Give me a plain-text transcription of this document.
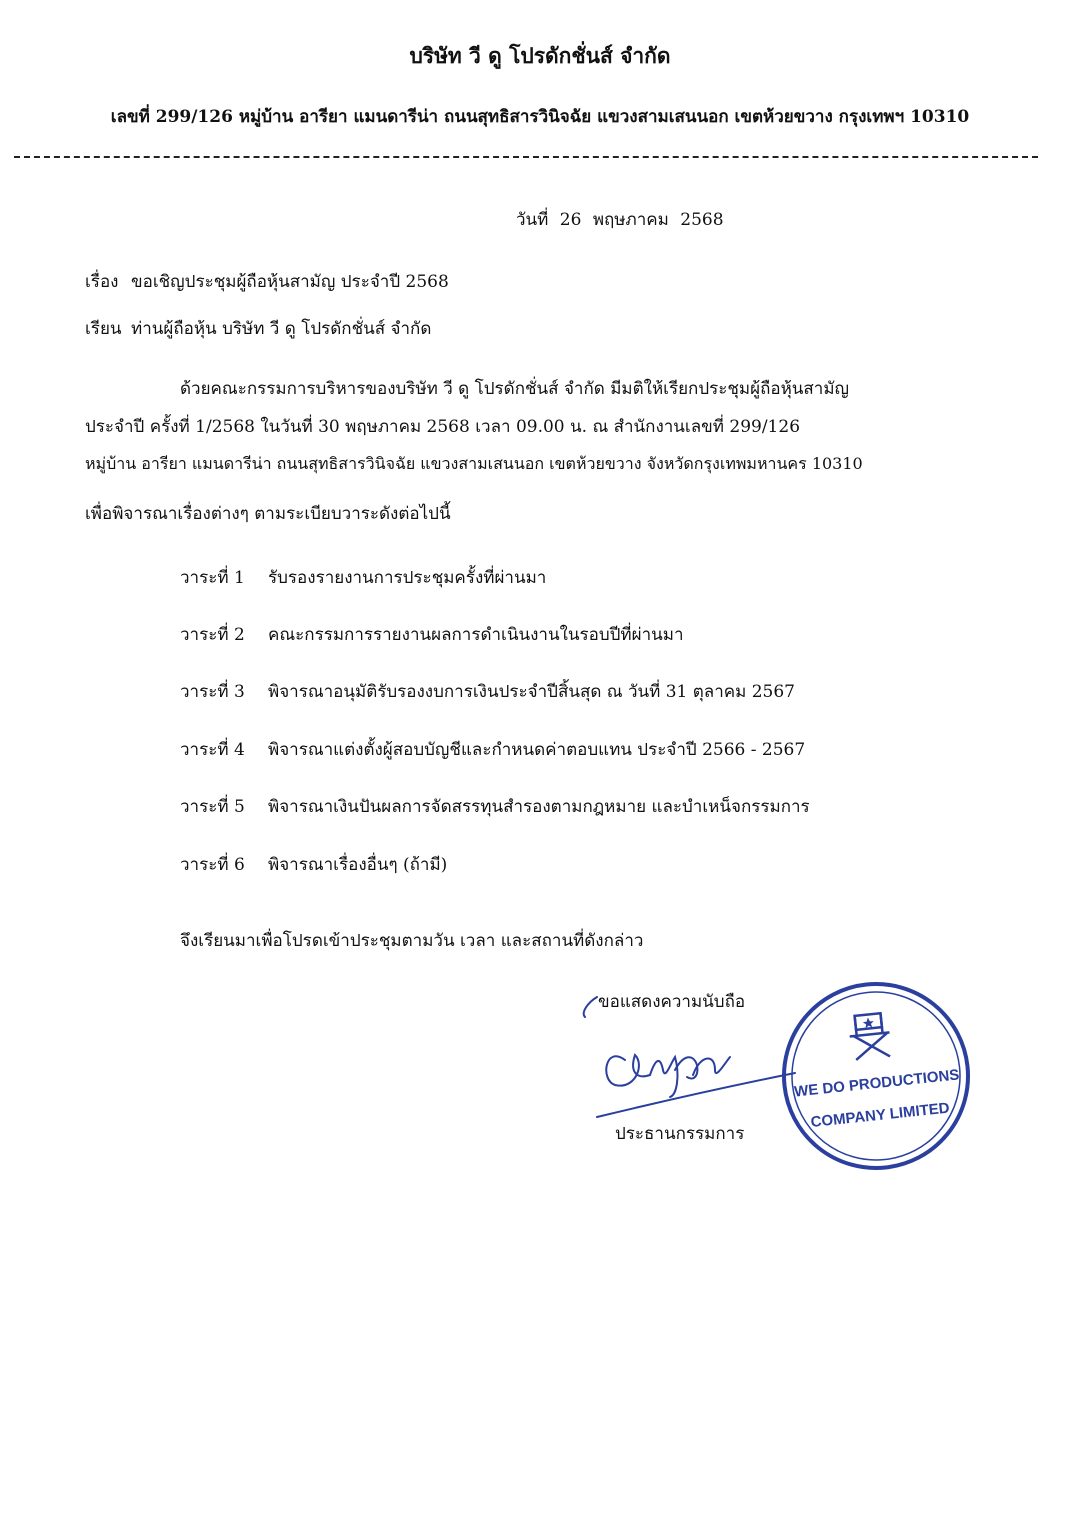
บริษัท วี ดู โปรดักชั่นส์ จำกัด
เลขที่ 299/126 หมู่บ้าน อารียา แมนดารีน่า ถนนสุทธิสารวินิจฉัย แขวงสามเสนนอก เขตห้วยขวาง กรุงเทพฯ 10310
วันที่ 26 พฤษภาคม 2568
เรื่อง ขอเชิญประชุมผู้ถือหุ้นสามัญ ประจำปี 2568
เรียน ท่านผู้ถือหุ้น บริษัท วี ดู โปรดักชั่นส์ จำกัด
ด้วยคณะกรรมการบริหารของบริษัท วี ดู โปรดักชั่นส์ จำกัด มีมติให้เรียกประชุมผู้ถือหุ้นสามัญ
ประจำปี ครั้งที่ 1/2568 ในวันที่ 30 พฤษภาคม 2568 เวลา 09.00 น. ณ สำนักงานเลขที่ 299/126
หมู่บ้าน อารียา แมนดารีน่า ถนนสุทธิสารวินิจฉัย แขวงสามเสนนอก เขตห้วยขวาง จังหวัดกรุงเทพมหานคร 10310
เพื่อพิจารณาเรื่องต่างๆ ตามระเบียบวาระดังต่อไปนี้
วาระที่ 1 รับรองรายงานการประชุมครั้งที่ผ่านมา
วาระที่ 2 คณะกรรมการรายงานผลการดำเนินงานในรอบปีที่ผ่านมา
วาระที่ 3 พิจารณาอนุมัติรับรองงบการเงินประจำปีสิ้นสุด ณ วันที่ 31 ตุลาคม 2567
วาระที่ 4 พิจารณาแต่งตั้งผู้สอบบัญชีและกำหนดค่าตอบแทน ประจำปี 2566 - 2567
วาระที่ 5 พิจารณาเงินปันผลการจัดสรรทุนสำรองตามกฎหมาย และบำเหน็จกรรมการ
วาระที่ 6 พิจารณาเรื่องอื่นๆ (ถ้ามี)
จึงเรียนมาเพื่อโปรดเข้าประชุมตามวัน เวลา และสถานที่ดังกล่าว
ขอแสดงความนับถือ
ประธานกรรมการ
WE DO PRODUCTIONS
COMPANY LIMITED
